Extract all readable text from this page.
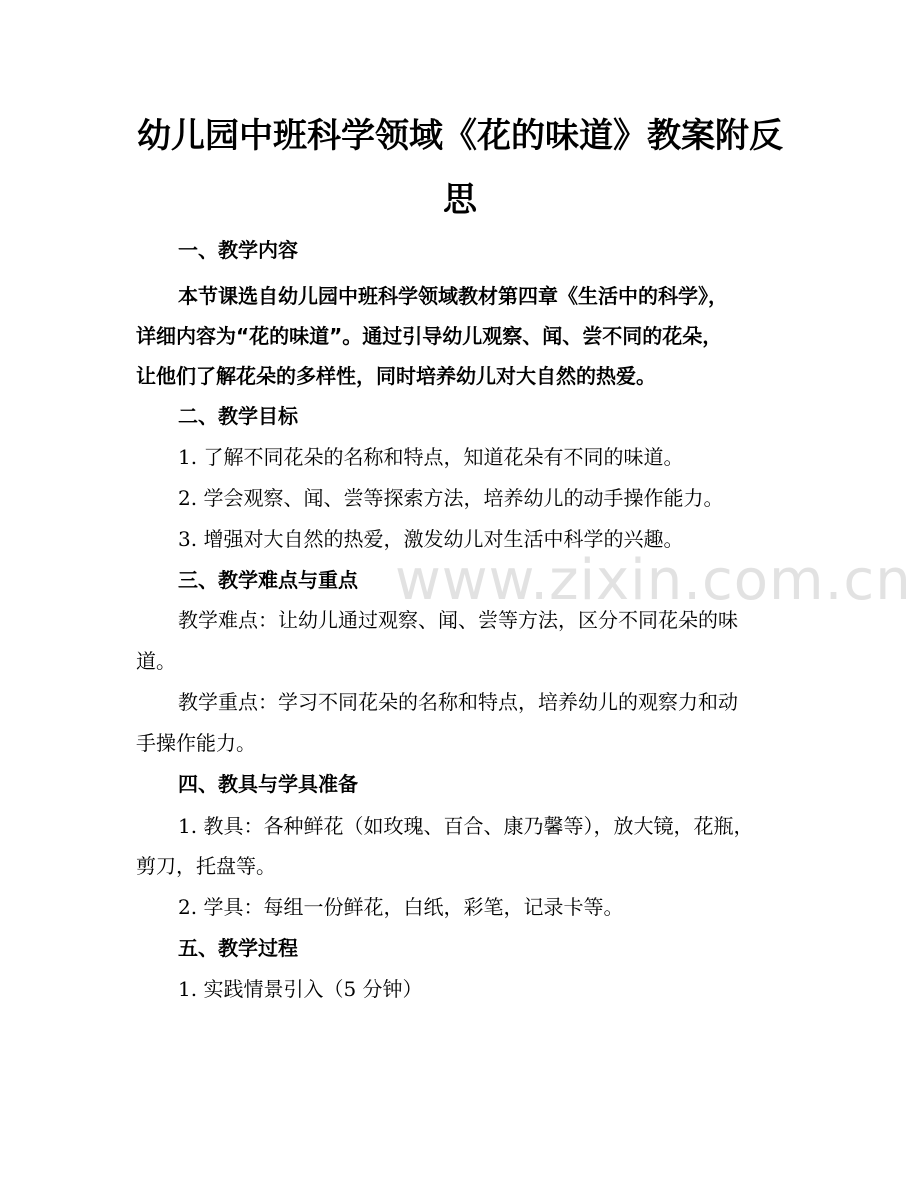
幼儿园中班科学领域《花的味道》教案附反
思
一、教学内容
本节课选自幼儿园中班科学领域教材第四章《生活中的科学》，
详细内容为“花的味道”。通过引导幼儿观察、闻、尝不同的花朵，
让他们了解花朵的多样性，同时培养幼儿对大自然的热爱。
二、教学目标
1. 了解不同花朵的名称和特点，知道花朵有不同的味道。
2. 学会观察、闻、尝等探索方法，培养幼儿的动手操作能力。
3. 增强对大自然的热爱，激发幼儿对生活中科学的兴趣。
三、教学难点与重点
教学难点：让幼儿通过观察、闻、尝等方法，区分不同花朵的味
道。
教学重点：学习不同花朵的名称和特点，培养幼儿的观察力和动
手操作能力。
四、教具与学具准备
1. 教具：各种鲜花（如玫瑰、百合、康乃馨等），放大镜，花瓶，
剪刀，托盘等。
2. 学具：每组一份鲜花，白纸，彩笔，记录卡等。
五、教学过程
1. 实践情景引入（5 分钟）
www.zixin.com.cn
